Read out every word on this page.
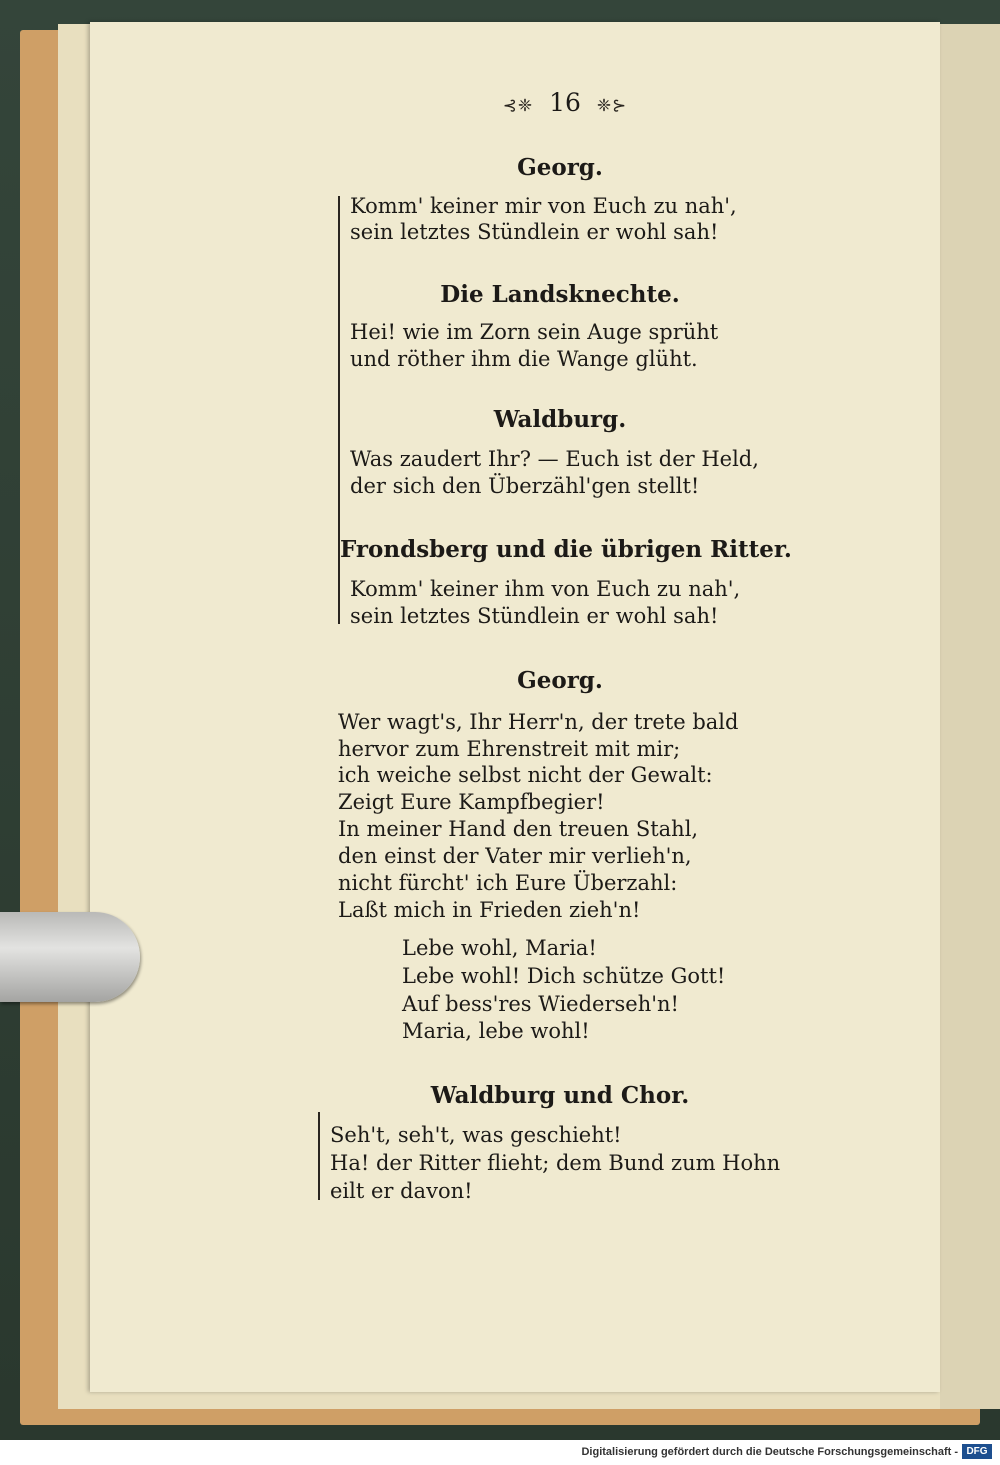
⊰❈ 16 ❈⊱
Georg.
Komm' keiner mir von Euch zu nah',
sein letztes Stündlein er wohl sah!
Die Landsknechte.
Hei! wie im Zorn sein Auge sprüht
und röther ihm die Wange glüht.
Waldburg.
Was zaudert Ihr? — Euch ist der Held,
der sich den Überzähl'gen stellt!
Frondsberg und die übrigen Ritter.
Komm' keiner ihm von Euch zu nah',
sein letztes Stündlein er wohl sah!
Georg.
Wer wagt's, Ihr Herr'n, der trete bald
hervor zum Ehrenstreit mit mir;
ich weiche selbst nicht der Gewalt:
Zeigt Eure Kampfbegier!
In meiner Hand den treuen Stahl,
den einst der Vater mir verlieh'n,
nicht fürcht' ich Eure Überzahl:
Laßt mich in Frieden zieh'n!
Lebe wohl, Maria!
Lebe wohl! Dich schütze Gott!
Auf bess'res Wiederseh'n!
Maria, lebe wohl!
Waldburg und Chor.
Seh't, seh't, was geschieht!
Ha! der Ritter flieht; dem Bund zum Hohn
eilt er davon!
Digitalisierung gefördert durch die Deutsche Forschungsgemeinschaft - DFG
